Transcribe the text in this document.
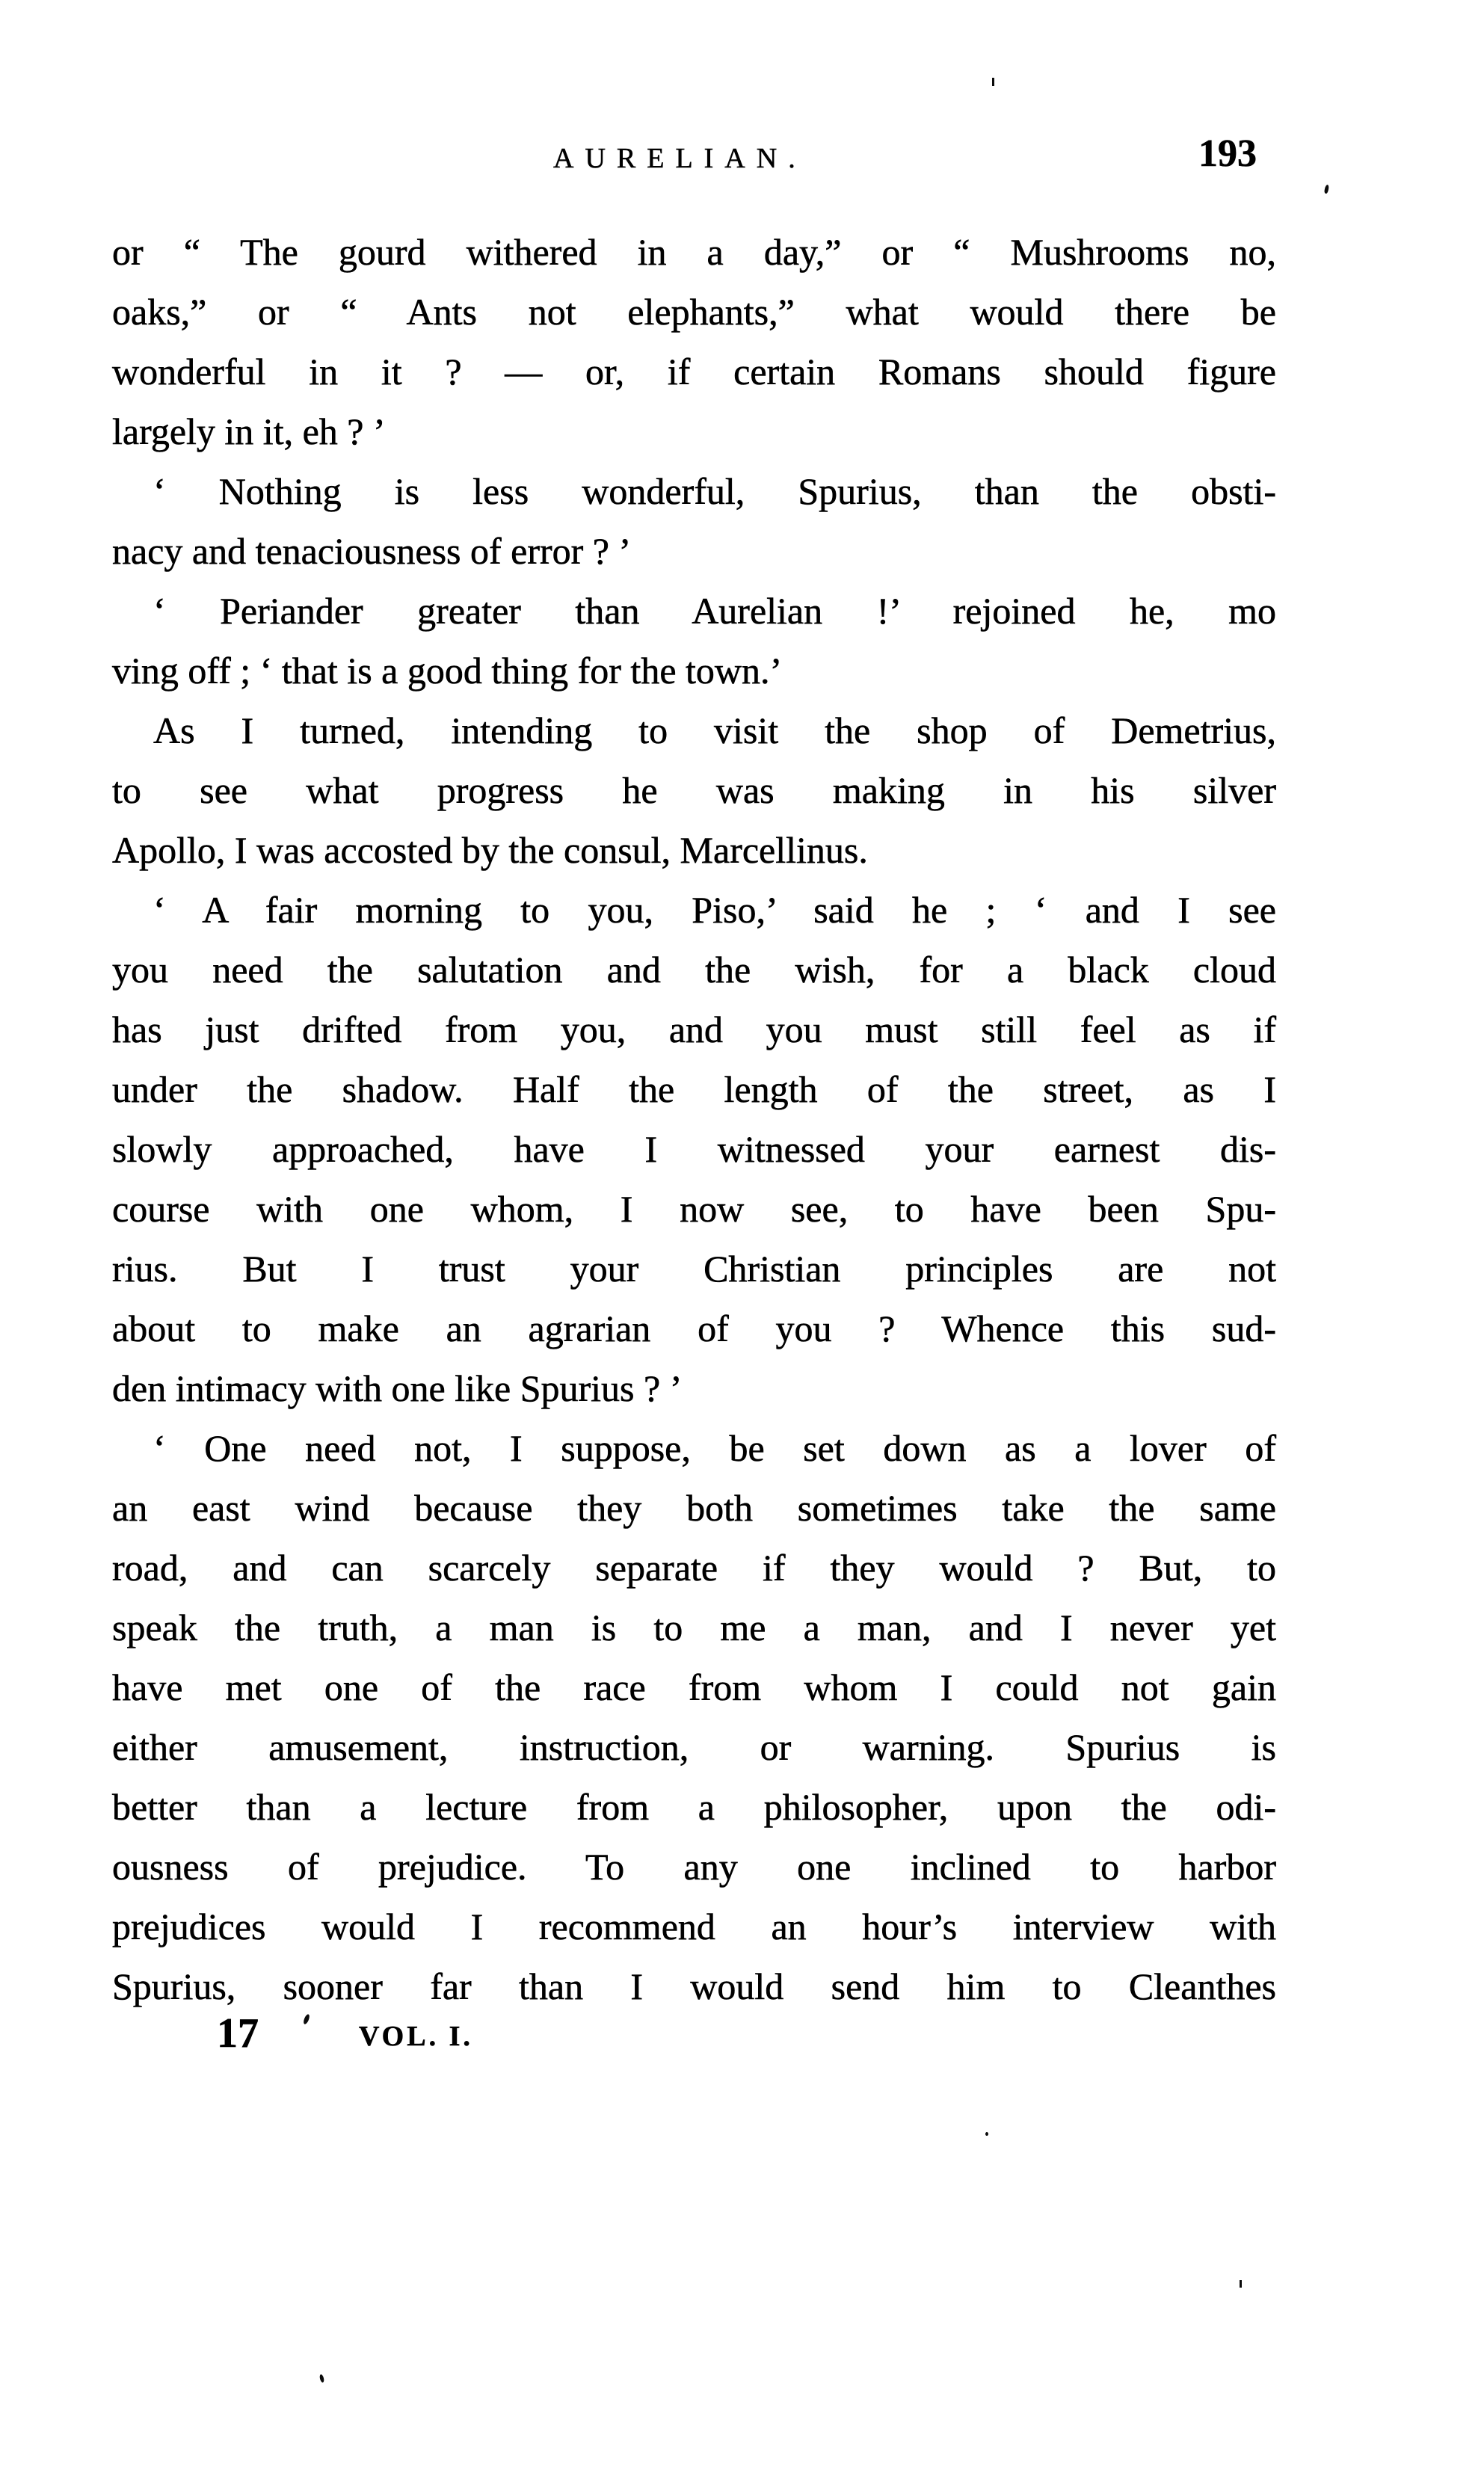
AURELIAN.	193
or “ The gourd withered in a day,” or “ Mushrooms no,
oaks,” or “ Ants not elephants,” what would there be
wonderful in it ? — or, if certain Romans should figure
largely in it, eh ? ’
‘ Nothing is less wonderful, Spurius, than the obsti-
nacy and tenaciousness of error ? ’
‘ Periander greater than Aurelian !’ rejoined he, mo
ving off ; ‘ that is a good thing for the town.’
As I turned, intending to visit the shop of Demetrius,
to see what progress he was making in his silver
Apollo, I was accosted by the consul, Marcellinus.
‘ A fair morning to you, Piso,’ said he ; ‘ and I see
you need the salutation and the wish, for a black cloud
has just drifted from you, and you must still feel as if
under the shadow. Half the length of the street, as I
slowly approached, have I witnessed your earnest dis-
course with one whom, I now see, to have been Spu-
rius. But I trust your Christian principles are not
about to make an agrarian of you ? Whence this sud-
den intimacy with one like Spurius ? ’
‘ One need not, I suppose, be set down as a lover of
an east wind because they both sometimes take the same
road, and can scarcely separate if they would ? But, to
speak the truth, a man is to me a man, and I never yet
have met one of the race from whom I could not gain
either amusement, instruction, or warning. Spurius is
better than a lecture from a philosopher, upon the odi-
ousness of prejudice. To any one inclined to harbor
prejudices would I recommend an hour’s interview with
Spurius, sooner far than I would send him to Cleanthes
17	VOL. I.
